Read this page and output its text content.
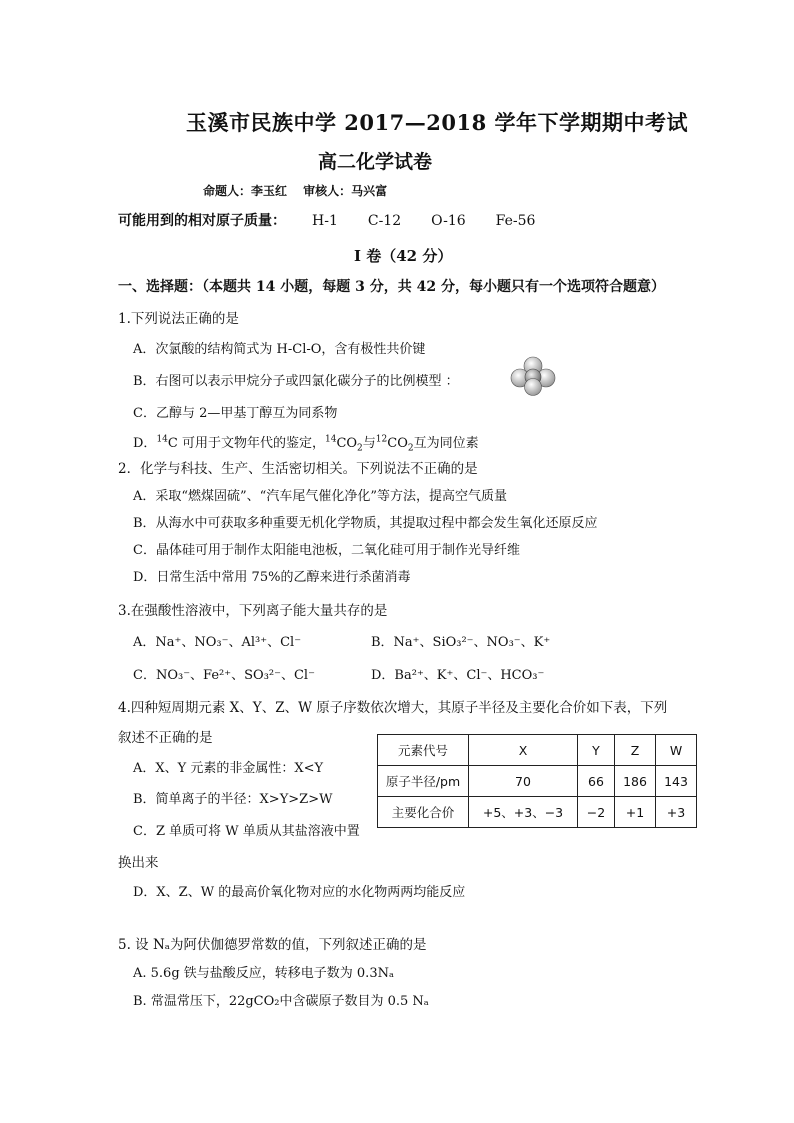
玉溪市民族中学 2017—2018 学年下学期期中考试
高二化学试卷
命题人：李玉红　 审核人：马兴富
可能用到的相对原子质量： H-1 C-12 O-16 Fe-56
I 卷（42 分）
一、选择题：（本题共 14 小题，每题 3 分，共 42 分，每小题只有一个选项符合题意）
1.下列说法正确的是
A．次氯酸的结构简式为 H-Cl-O，含有极性共价键
B．右图可以表示甲烷分子或四氯化碳分子的比例模型 ：
C．乙醇与 2—甲基丁醇互为同系物
D．$^{14}$C 可用于文物年代的鉴定，$^{14}CO_2$与$^{12}CO_2$互为同位素
2．化学与科技、生产、生活密切相关。下列说法不正确的是
A．采取“燃煤固硫”、“汽车尾气催化净化”等方法，提高空气质量
B．从海水中可获取多种重要无机化学物质，其提取过程中都会发生氧化还原反应
C．晶体硅可用于制作太阳能电池板，二氧化硅可用于制作光导纤维
D．日常生活中常用 75%的乙醇来进行杀菌消毒
3.在强酸性溶液中，下列离子能大量共存的是
A．Na⁺、NO₃⁻、Al³⁺、Cl⁻	B．Na⁺、SiO₃²⁻、NO₃⁻、K⁺
C．NO₃⁻、Fe²⁺、SO₃²⁻、Cl⁻	D．Ba²⁺、K⁺、Cl⁻、HCO₃⁻
4.四种短周期元素 X、Y、Z、W 原子序数依次增大，其原子半径及主要化合价如下表，下列
叙述不正确的是
A．X、Y 元素的非金属性：X<Y
B．简单离子的半径：X>Y>Z>W
C．Z 单质可将 W 单质从其盐溶液中置
换出来
D．X、Z、W 的最高价氧化物对应的水化物两两均能反应
元素代号	X	Y	Z	W
原子半径/pm	70	66	186	143
主要化合价	+5、+3、−3	−2	+1	+3
5. 设 Nₐ为阿伏伽德罗常数的值，下列叙述正确的是
A. 5.6g 铁与盐酸反应，转移电子数为 0.3Nₐ
B. 常温常压下，22gCO₂中含碳原子数目为 0.5 Nₐ
